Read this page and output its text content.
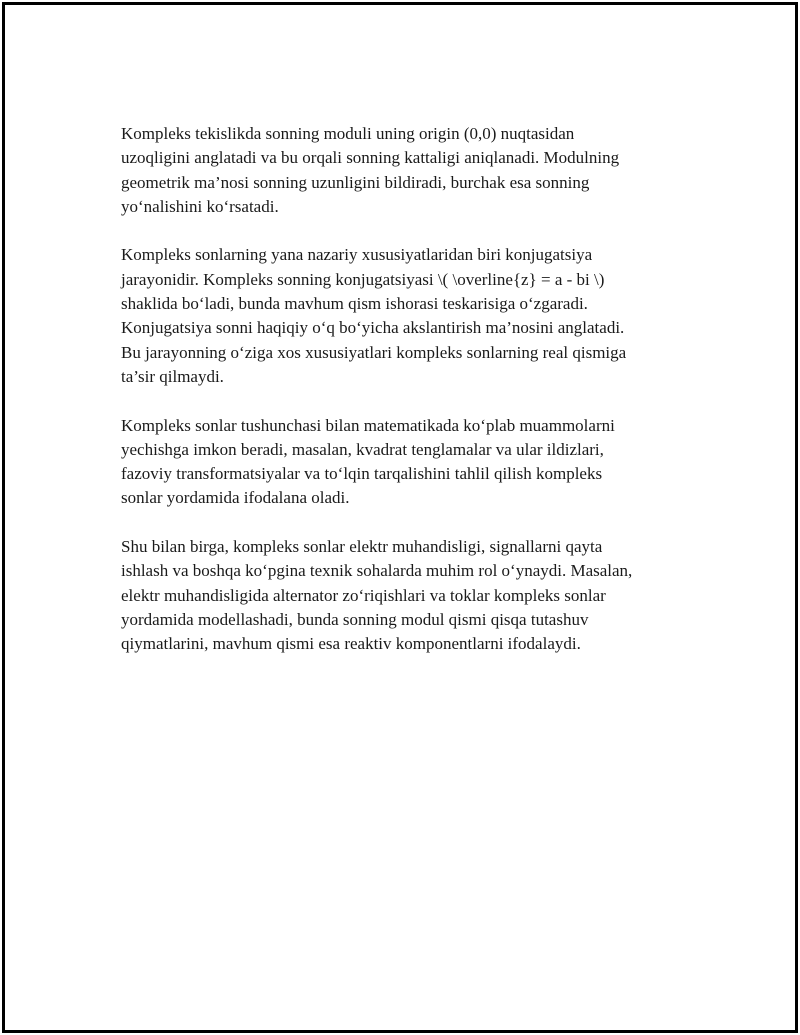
Kompleks tekislikda sonning moduli uning origin (0,0) nuqtasidan
uzoqligini anglatadi va bu orqali sonning kattaligi aniqlanadi. Modulning
geometrik ma’nosi sonning uzunligini bildiradi, burchak esa sonning
yo‘nalishini ko‘rsatadi.

Kompleks sonlarning yana nazariy xususiyatlaridan biri konjugatsiya
jarayonidir. Kompleks sonning konjugatsiyasi \( \overline{z} = a - bi \)
shaklida bo‘ladi, bunda mavhum qism ishorasi teskarisiga o‘zgaradi.
Konjugatsiya sonni haqiqiy o‘q bo‘yicha akslantirish ma’nosini anglatadi.
Bu jarayonning o‘ziga xos xususiyatlari kompleks sonlarning real qismiga
ta’sir qilmaydi.

Kompleks sonlar tushunchasi bilan matematikada ko‘plab muammolarni
yechishga imkon beradi, masalan, kvadrat tenglamalar va ular ildizlari,
fazoviy transformatsiyalar va to‘lqin tarqalishini tahlil qilish kompleks
sonlar yordamida ifodalana oladi.

Shu bilan birga, kompleks sonlar elektr muhandisligi, signallarni qayta
ishlash va boshqa ko‘pgina texnik sohalarda muhim rol o‘ynaydi. Masalan,
elektr muhandisligida alternator zo‘riqishlari va toklar kompleks sonlar
yordamida modellashadi, bunda sonning modul qismi qisqa tutashuv
qiymatlarini, mavhum qismi esa reaktiv komponentlarni ifodalaydi.
